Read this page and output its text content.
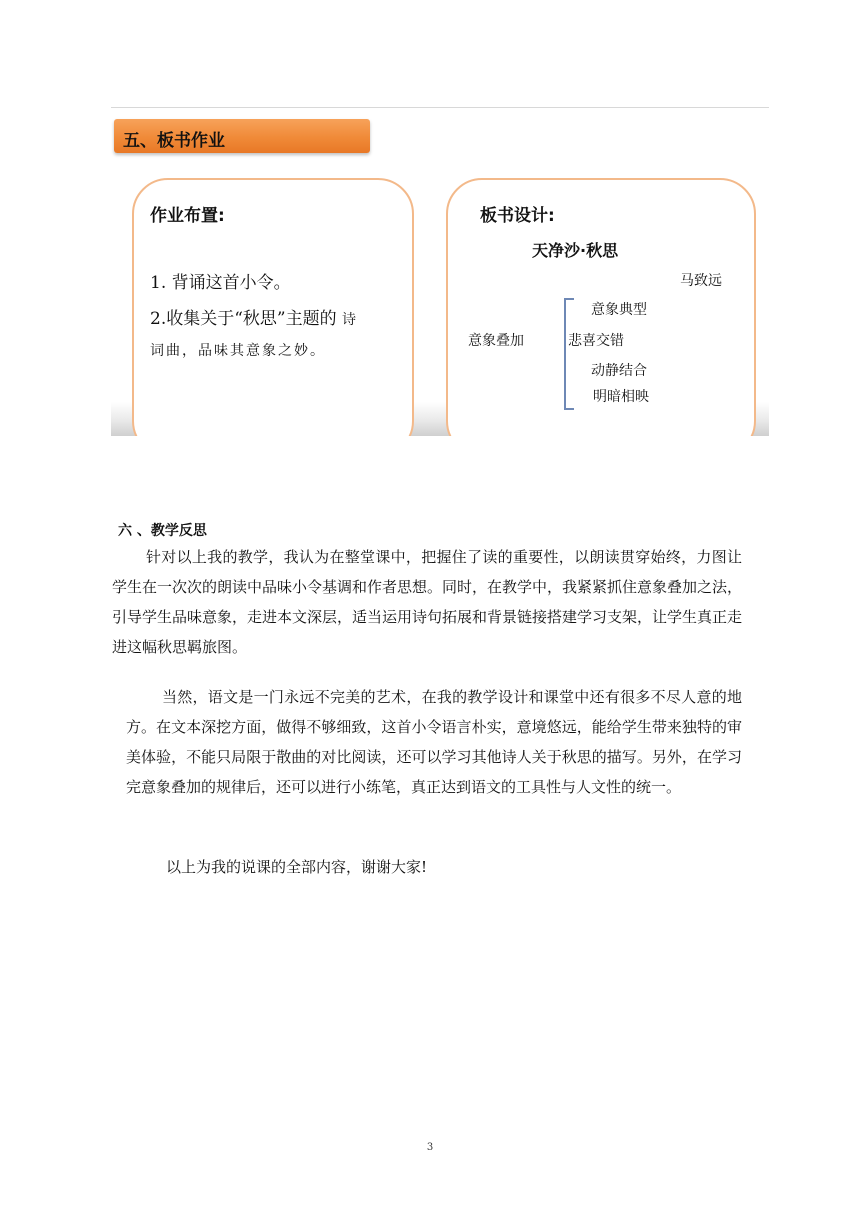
五、板书作业
作业布置:
1. 背诵这首小令。
2.收集关于“秋思”主题的 诗
词曲，品味其意象之妙。
板书设计:
天净沙·秋思
马致远
意象叠加
意象典型
悲喜交错
动静结合
明暗相映
六 、教学反思
针对以上我的教学，我认为在整堂课中，把握住了读的重要性，以朗读贯穿始终，力图让学生在一次次的朗读中品味小令基调和作者思想。同时，在教学中，我紧紧抓住意象叠加之法，引导学生品味意象，走进本文深层，适当运用诗句拓展和背景链接搭建学习支架，让学生真正走进这幅秋思羁旅图。
当然，语文是一门永远不完美的艺术，在我的教学设计和课堂中还有很多不尽人意的地方。在文本深挖方面，做得不够细致，这首小令语言朴实，意境悠远，能给学生带来独特的审美体验，不能只局限于散曲的对比阅读，还可以学习其他诗人关于秋思的描写。另外，在学习完意象叠加的规律后，还可以进行小练笔，真正达到语文的工具性与人文性的统一。
以上为我的说课的全部内容，谢谢大家!
3
